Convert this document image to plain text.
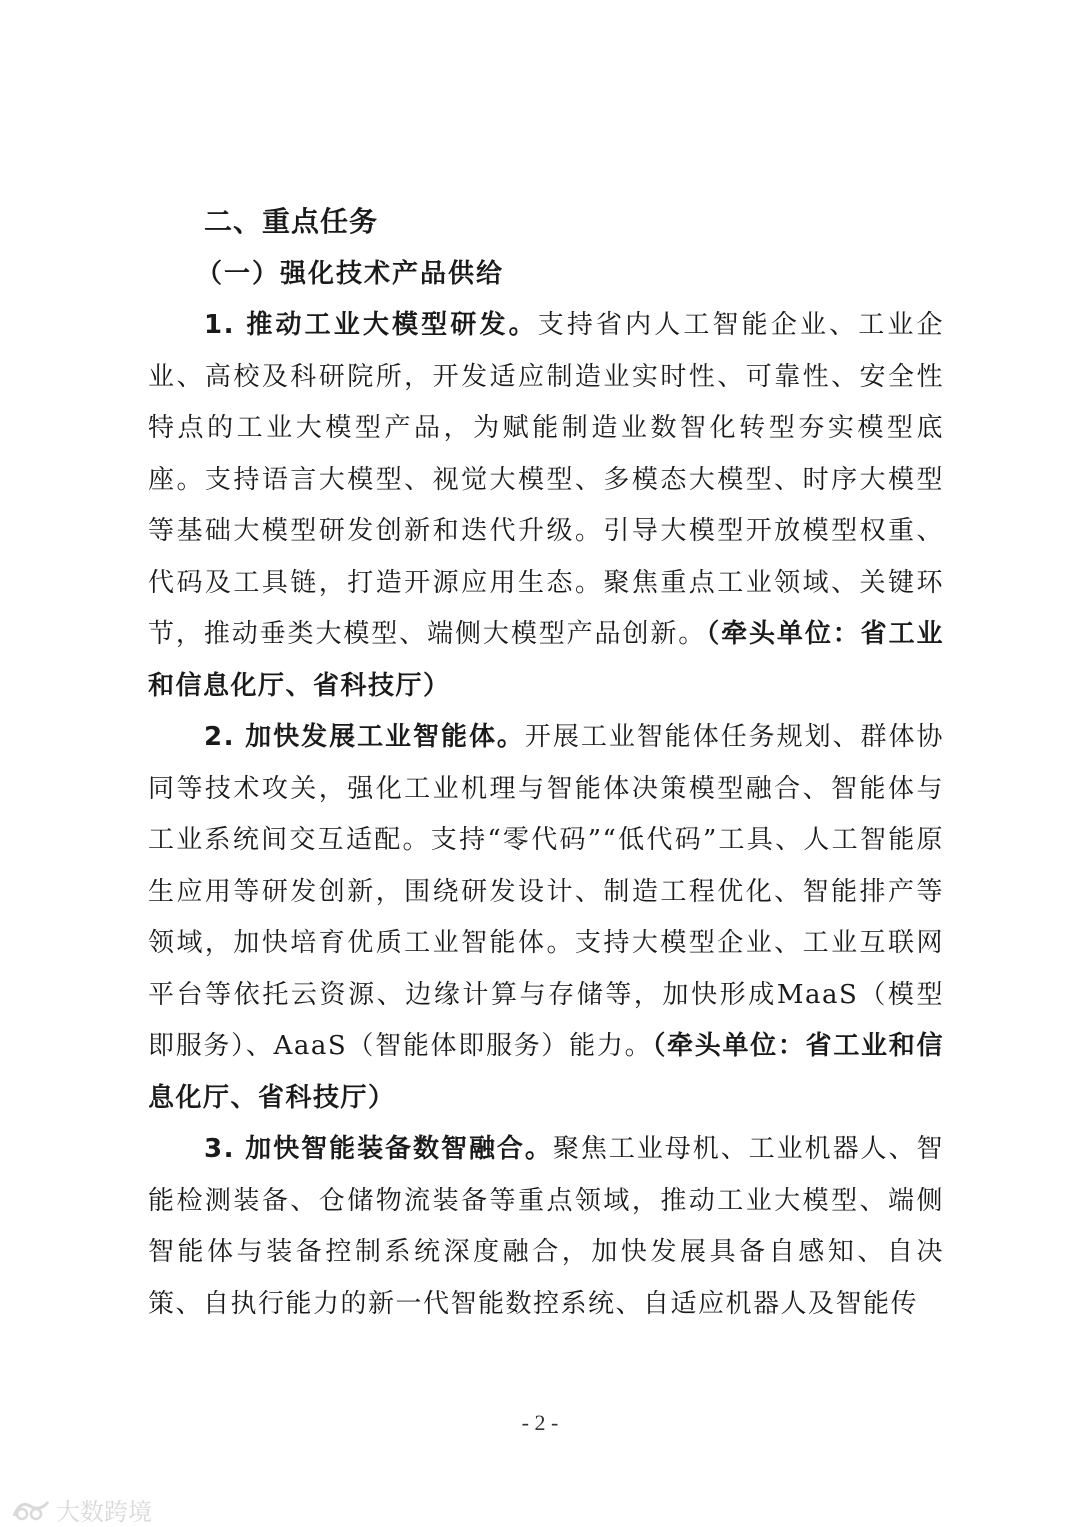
二、重点任务
（一）强化技术产品供给

1. 推动工业大模型研发。支持省内人工智能企业、工业企业、高校及科研院所，开发适应制造业实时性、可靠性、安全性特点的工业大模型产品，为赋能制造业数智化转型夯实模型底座。支持语言大模型、视觉大模型、多模态大模型、时序大模型等基础大模型研发创新和迭代升级。引导大模型开放模型权重、代码及工具链，打造开源应用生态。聚焦重点工业领域、关键环节，推动垂类大模型、端侧大模型产品创新。（牵头单位：省工业和信息化厅、省科技厅）

2. 加快发展工业智能体。开展工业智能体任务规划、群体协同等技术攻关，强化工业机理与智能体决策模型融合、智能体与工业系统间交互适配。支持“零代码”“低代码”工具、人工智能原生应用等研发创新，围绕研发设计、制造工程优化、智能排产等领域，加快培育优质工业智能体。支持大模型企业、工业互联网平台等依托云资源、边缘计算与存储等，加快形成MaaS（模型即服务）、AaaS（智能体即服务）能力。（牵头单位：省工业和信息化厅、省科技厅）

3. 加快智能装备数智融合。聚焦工业母机、工业机器人、智能检测装备、仓储物流装备等重点领域，推动工业大模型、端侧智能体与装备控制系统深度融合，加快发展具备自感知、自决策、自执行能力的新一代智能数控系统、自适应机器人及智能传

- 2 -
大数跨境
